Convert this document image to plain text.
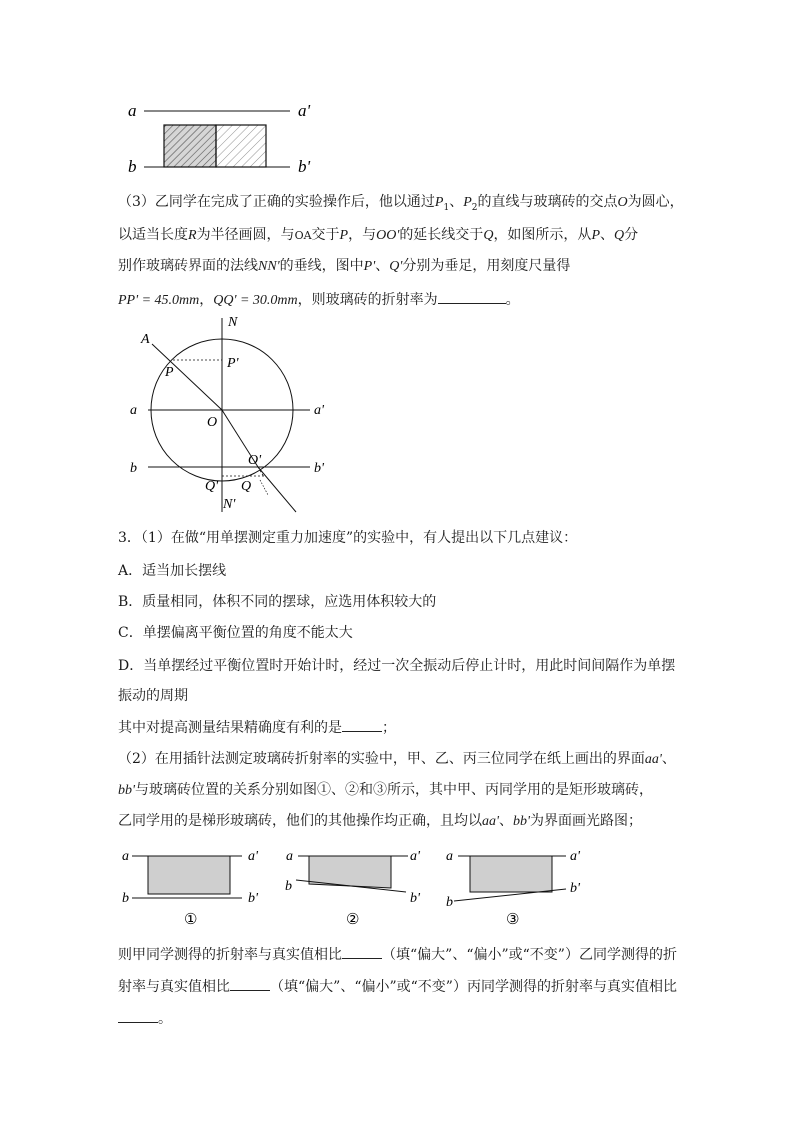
a	a'
b	b'
（3）乙同学在完成了正确的实验操作后，他以通过$P_1$、$P_2$的直线与玻璃砖的交点O为圆心，
以适当长度R为半径画圆，与OA交于P，与OO'的延长线交于Q，如图所示，从P、Q分
别作玻璃砖界面的法线NN'的垂线，图中P'、Q'分别为垂足，用刻度尺量得
PP' = 45.0mm，QQ' = 30.0mm，则玻璃砖的折射率为	。
N
A
P
P'
a	a'
O
O'
b	b'
Q' Q
N'
3．（1）在做“用单摆测定重力加速度”的实验中，有人提出以下几点建议：
A．适当加长摆线
B．质量相同，体积不同的摆球，应选用体积较大的
C．单摆偏离平衡位置的角度不能太大
D．当单摆经过平衡位置时开始计时，经过一次全振动后停止计时，用此时间间隔作为单摆
振动的周期
其中对提高测量结果精确度有利的是	；
（2）在用插针法测定玻璃砖折射率的实验中，甲、乙、丙三位同学在纸上画出的界面aa'、
bb'与玻璃砖位置的关系分别如图①、②和③所示，其中甲、丙同学用的是矩形玻璃砖，
乙同学用的是梯形玻璃砖，他们的其他操作均正确，且均以aa'、bb'为界面画光路图；
a	a'
b	b'
①
a	a'
b
b'
②
a	a'
b
b'
③
则甲同学测得的折射率与真实值相比	（填“偏大”、“偏小”或“不变”）乙同学测得的折
射率与真实值相比	（填“偏大”、“偏小”或“不变”）丙同学测得的折射率与真实值相比
。
